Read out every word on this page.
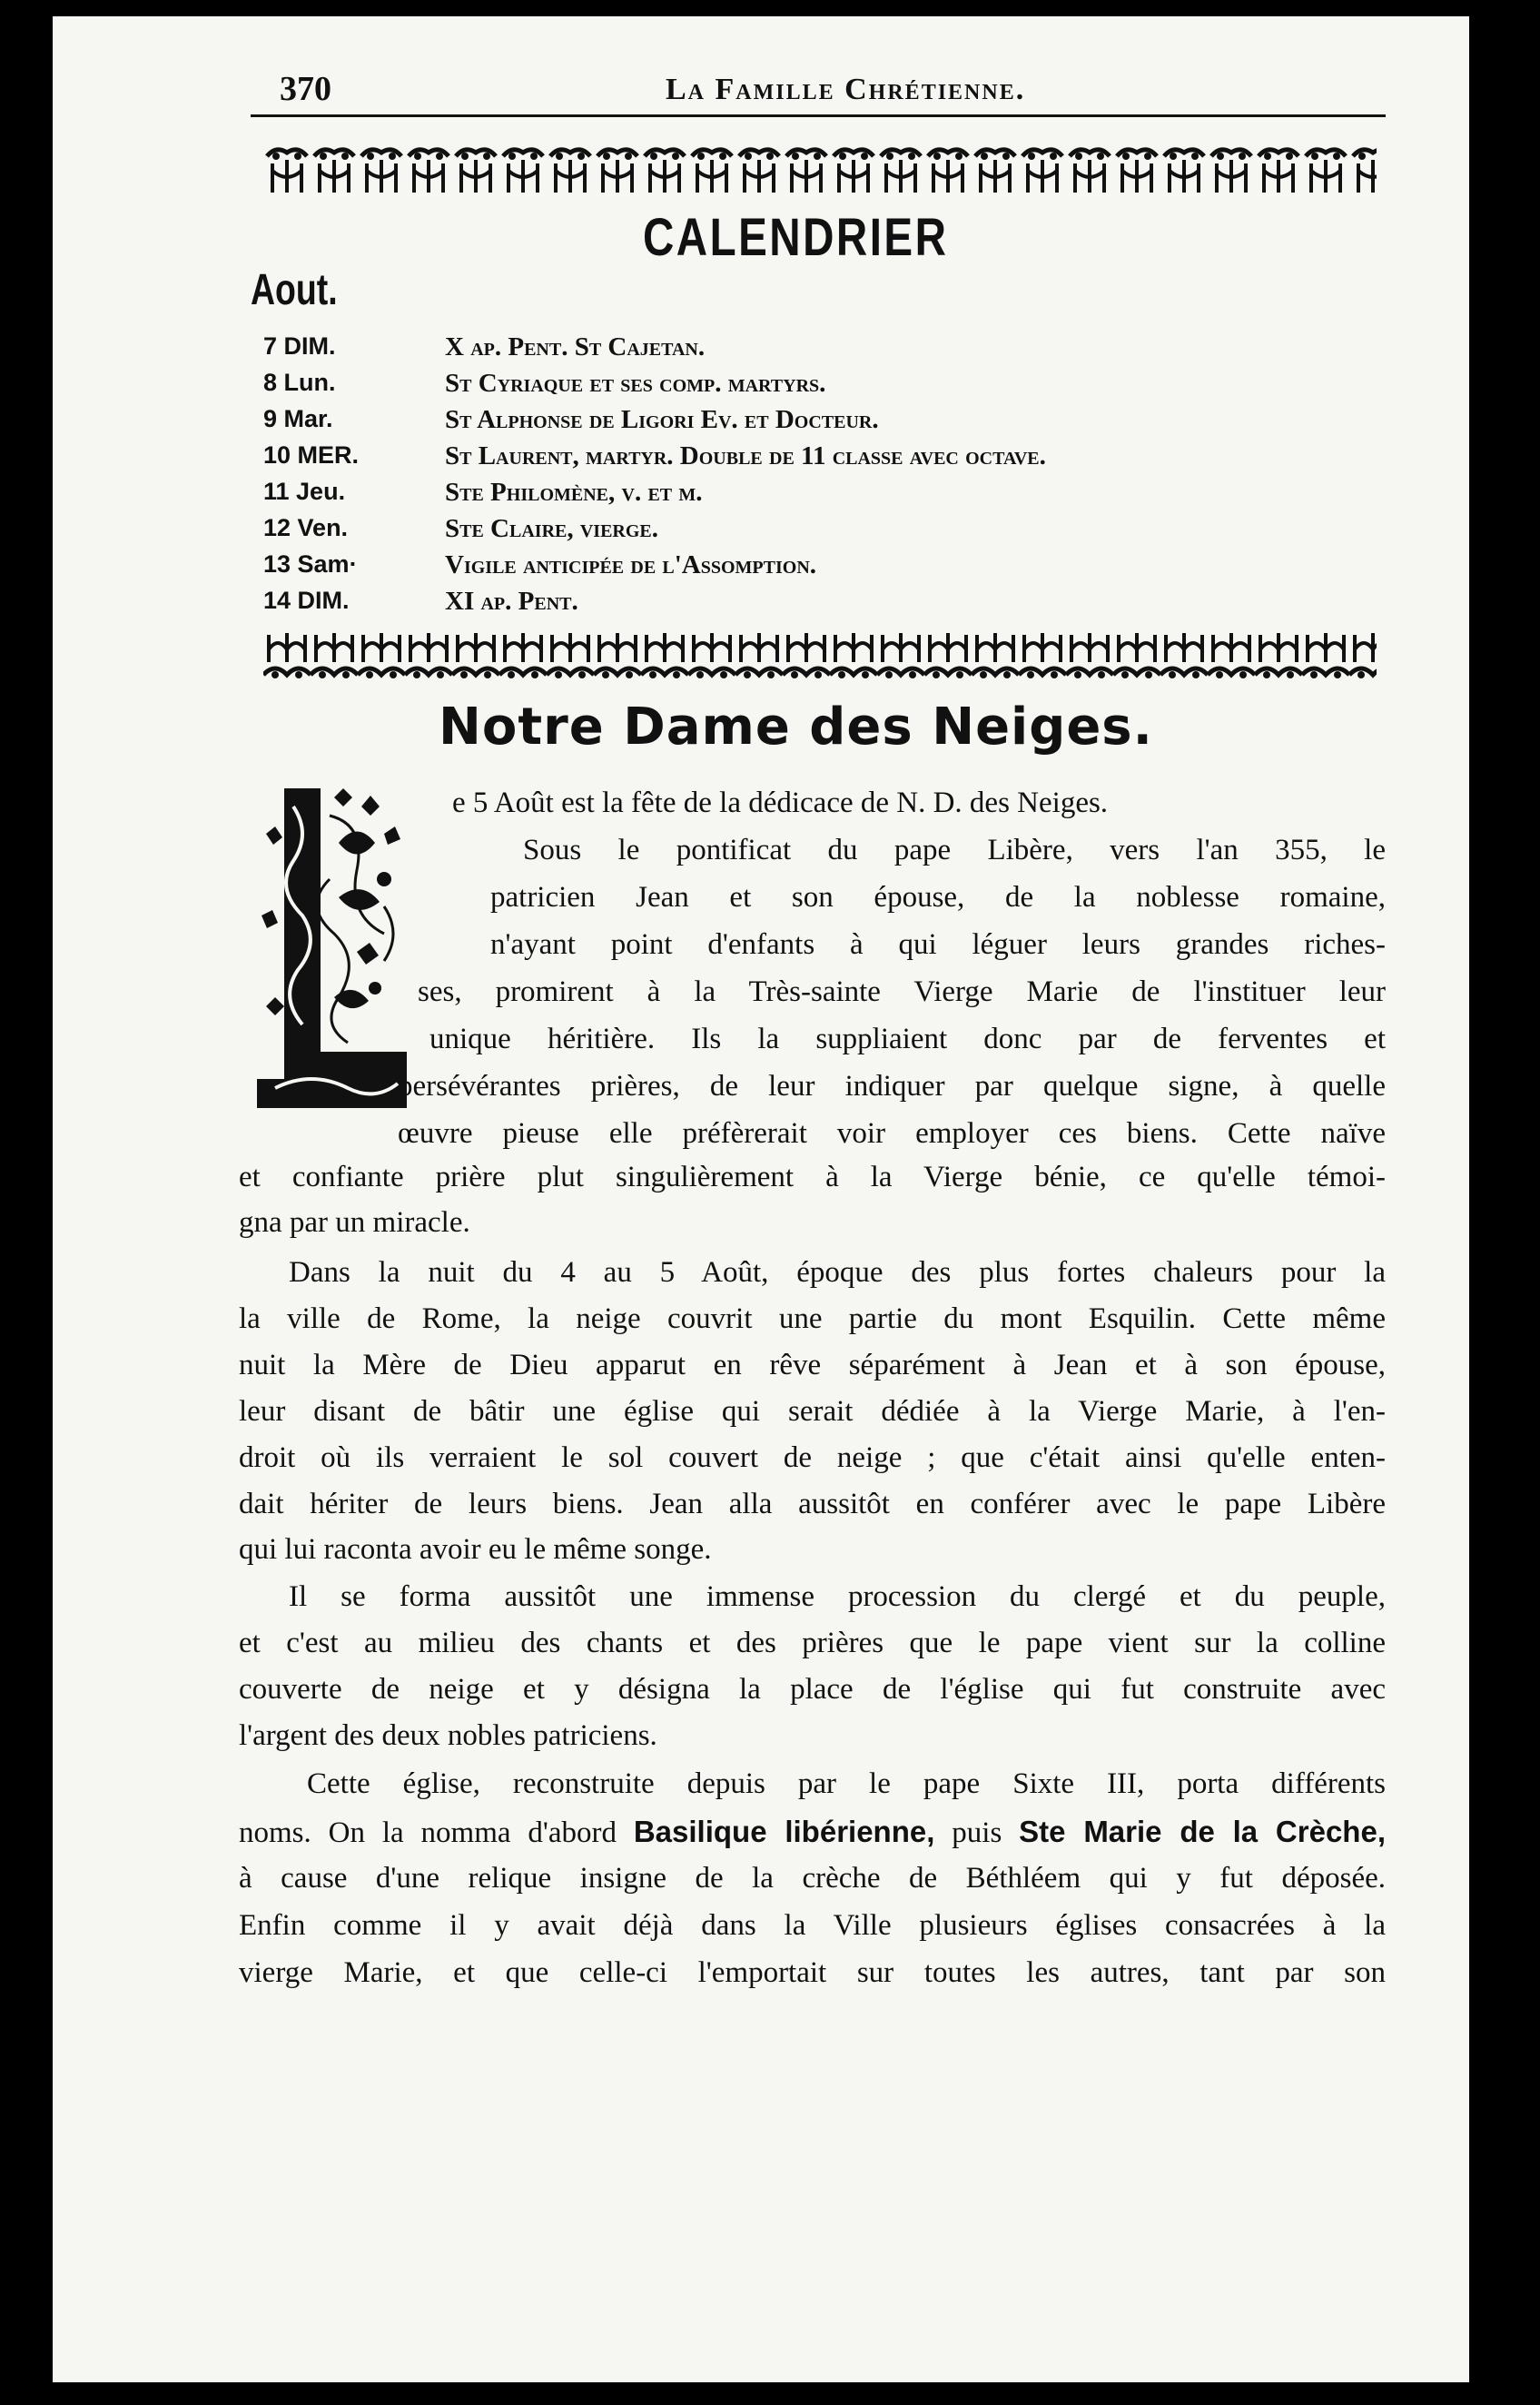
370	La Famille Chrétienne.
CALENDRIER
Aout.
7 DIM.	X ap. Pent. St Cajetan.
8 Lun.	St Cyriaque et ses comp. martyrs.
9 Mar.	St Alphonse de Ligori Ev. et Docteur.
10 MER.	St Laurent, martyr. Double de 11 classe avec octave.
11 Jeu.	Ste Philomène, v. et m.
12 Ven.	Ste Claire, vierge.
13 Sam·	Vigile anticipée de l'Assomption.
14 DIM.	XI ap. Pent.
Notre Dame des Neiges.
e 5 Août est la fête de la dédicace de N. D. des Neiges.
Sous le pontificat du pape Libère, vers l'an 355, le
patricien Jean et son épouse, de la noblesse romaine,
n'ayant point d'enfants à qui léguer leurs grandes riches-
ses, promirent à la Très-sainte Vierge Marie de l'instituer leur
unique héritière. Ils la suppliaient donc par de ferventes et
persévérantes prières, de leur indiquer par quelque signe, à quelle
œuvre pieuse elle préfèrerait voir employer ces biens. Cette naïve
et confiante prière plut singulièrement à la Vierge bénie, ce qu'elle témoi-
gna par un miracle.
Dans la nuit du 4 au 5 Août, époque des plus fortes chaleurs pour la
la ville de Rome, la neige couvrit une partie du mont Esquilin. Cette même
nuit la Mère de Dieu apparut en rêve séparément à Jean et à son épouse,
leur disant de bâtir une église qui serait dédiée à la Vierge Marie, à l'en-
droit où ils verraient le sol couvert de neige ; que c'était ainsi qu'elle enten-
dait hériter de leurs biens. Jean alla aussitôt en conférer avec le pape Libère
qui lui raconta avoir eu le même songe.
Il se forma aussitôt une immense procession du clergé et du peuple,
et c'est au milieu des chants et des prières que le pape vient sur la colline
couverte de neige et y désigna la place de l'église qui fut construite avec
l'argent des deux nobles patriciens.
Cette église, reconstruite depuis par le pape Sixte III, porta différents
noms. On la nomma d'abord Basilique libérienne, puis Ste Marie de la Crèche,
à cause d'une relique insigne de la crèche de Béthléem qui y fut déposée.
Enfin comme il y avait déjà dans la Ville plusieurs églises consacrées à la
vierge Marie, et que celle-ci l'emportait sur toutes les autres, tant par son
